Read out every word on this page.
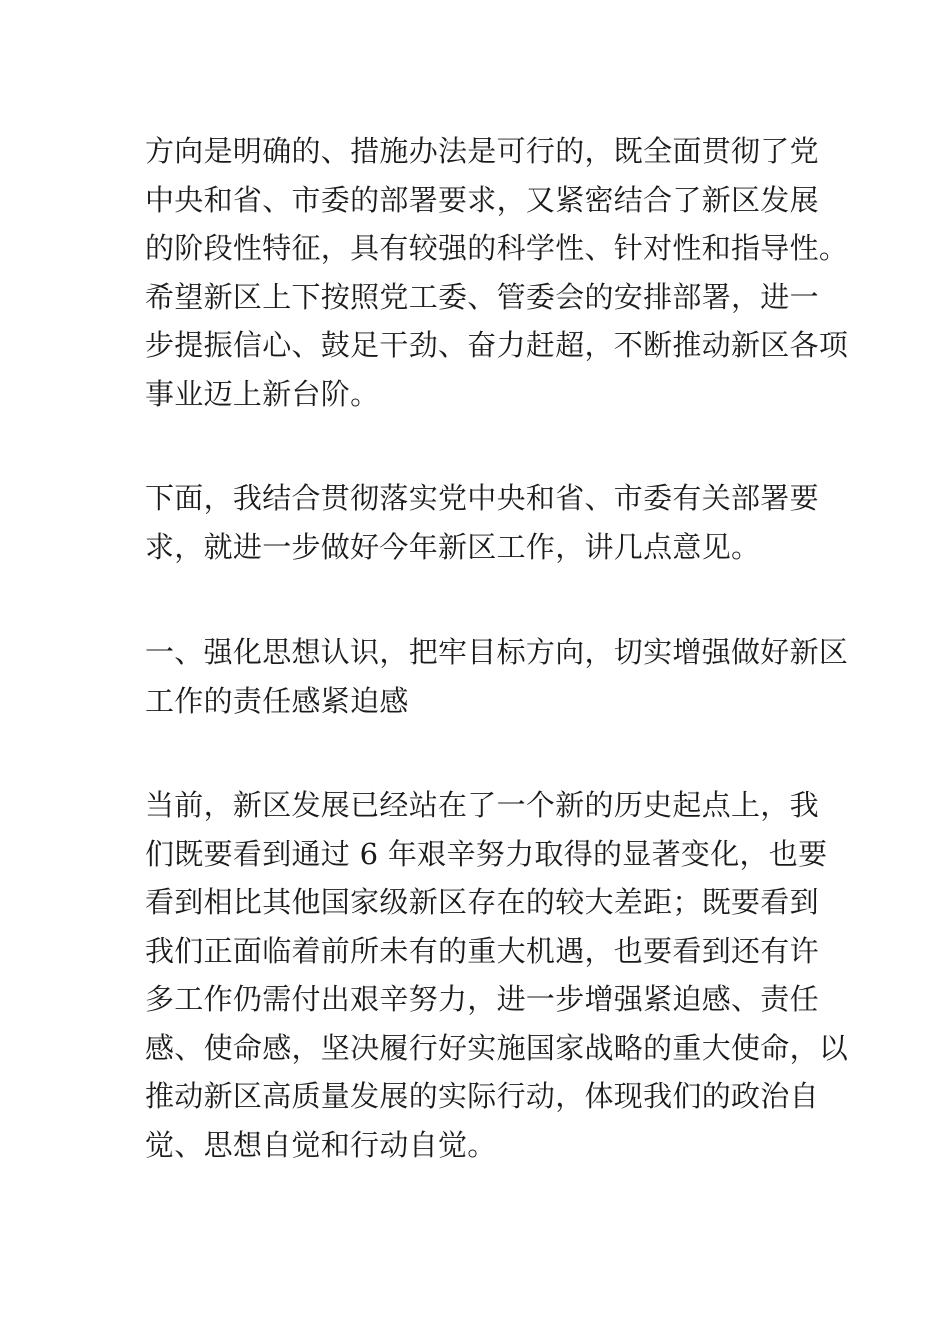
方向是明确的、措施办法是可行的，既全面贯彻了党
中央和省、市委的部署要求，又紧密结合了新区发展
的阶段性特征，具有较强的科学性、针对性和指导性。
希望新区上下按照党工委、管委会的安排部署，进一
步提振信心、鼓足干劲、奋力赶超，不断推动新区各项
事业迈上新台阶。
下面，我结合贯彻落实党中央和省、市委有关部署要
求，就进一步做好今年新区工作，讲几点意见。
一、强化思想认识，把牢目标方向，切实增强做好新区
工作的责任感紧迫感
当前，新区发展已经站在了一个新的历史起点上，我
们既要看到通过 6 年艰辛努力取得的显著变化，也要
看到相比其他国家级新区存在的较大差距；既要看到
我们正面临着前所未有的重大机遇，也要看到还有许
多工作仍需付出艰辛努力，进一步增强紧迫感、责任
感、使命感，坚决履行好实施国家战略的重大使命，以
推动新区高质量发展的实际行动，体现我们的政治自
觉、思想自觉和行动自觉。
